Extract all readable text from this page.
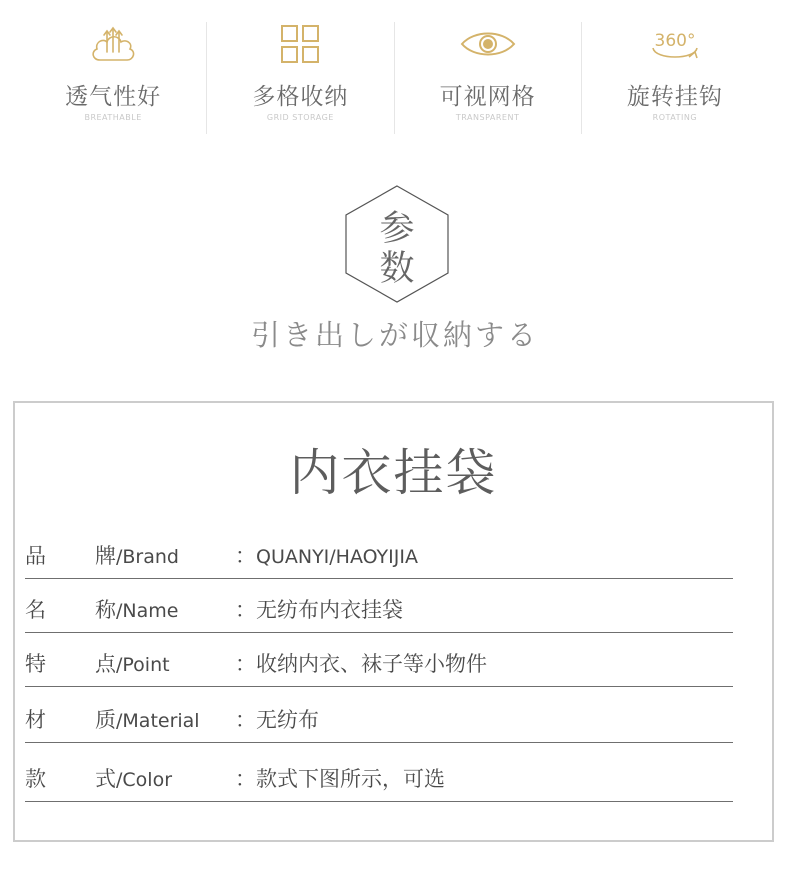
透气性好
BREATHABLE
多格收纳
GRID STORAGE
可视网格
TRANSPARENT
360°
旋转挂钩
ROTATING
参
数
引き出しが収納する
内衣挂袋
品 牌/Brand	：QUANYI/HAOYIJIA
名 称/Name	：无纺布内衣挂袋
特 点/Point	：收纳内衣、袜子等小物件
材 质/Material ：无纺布
款 式/Color	：款式下图所示，可选
